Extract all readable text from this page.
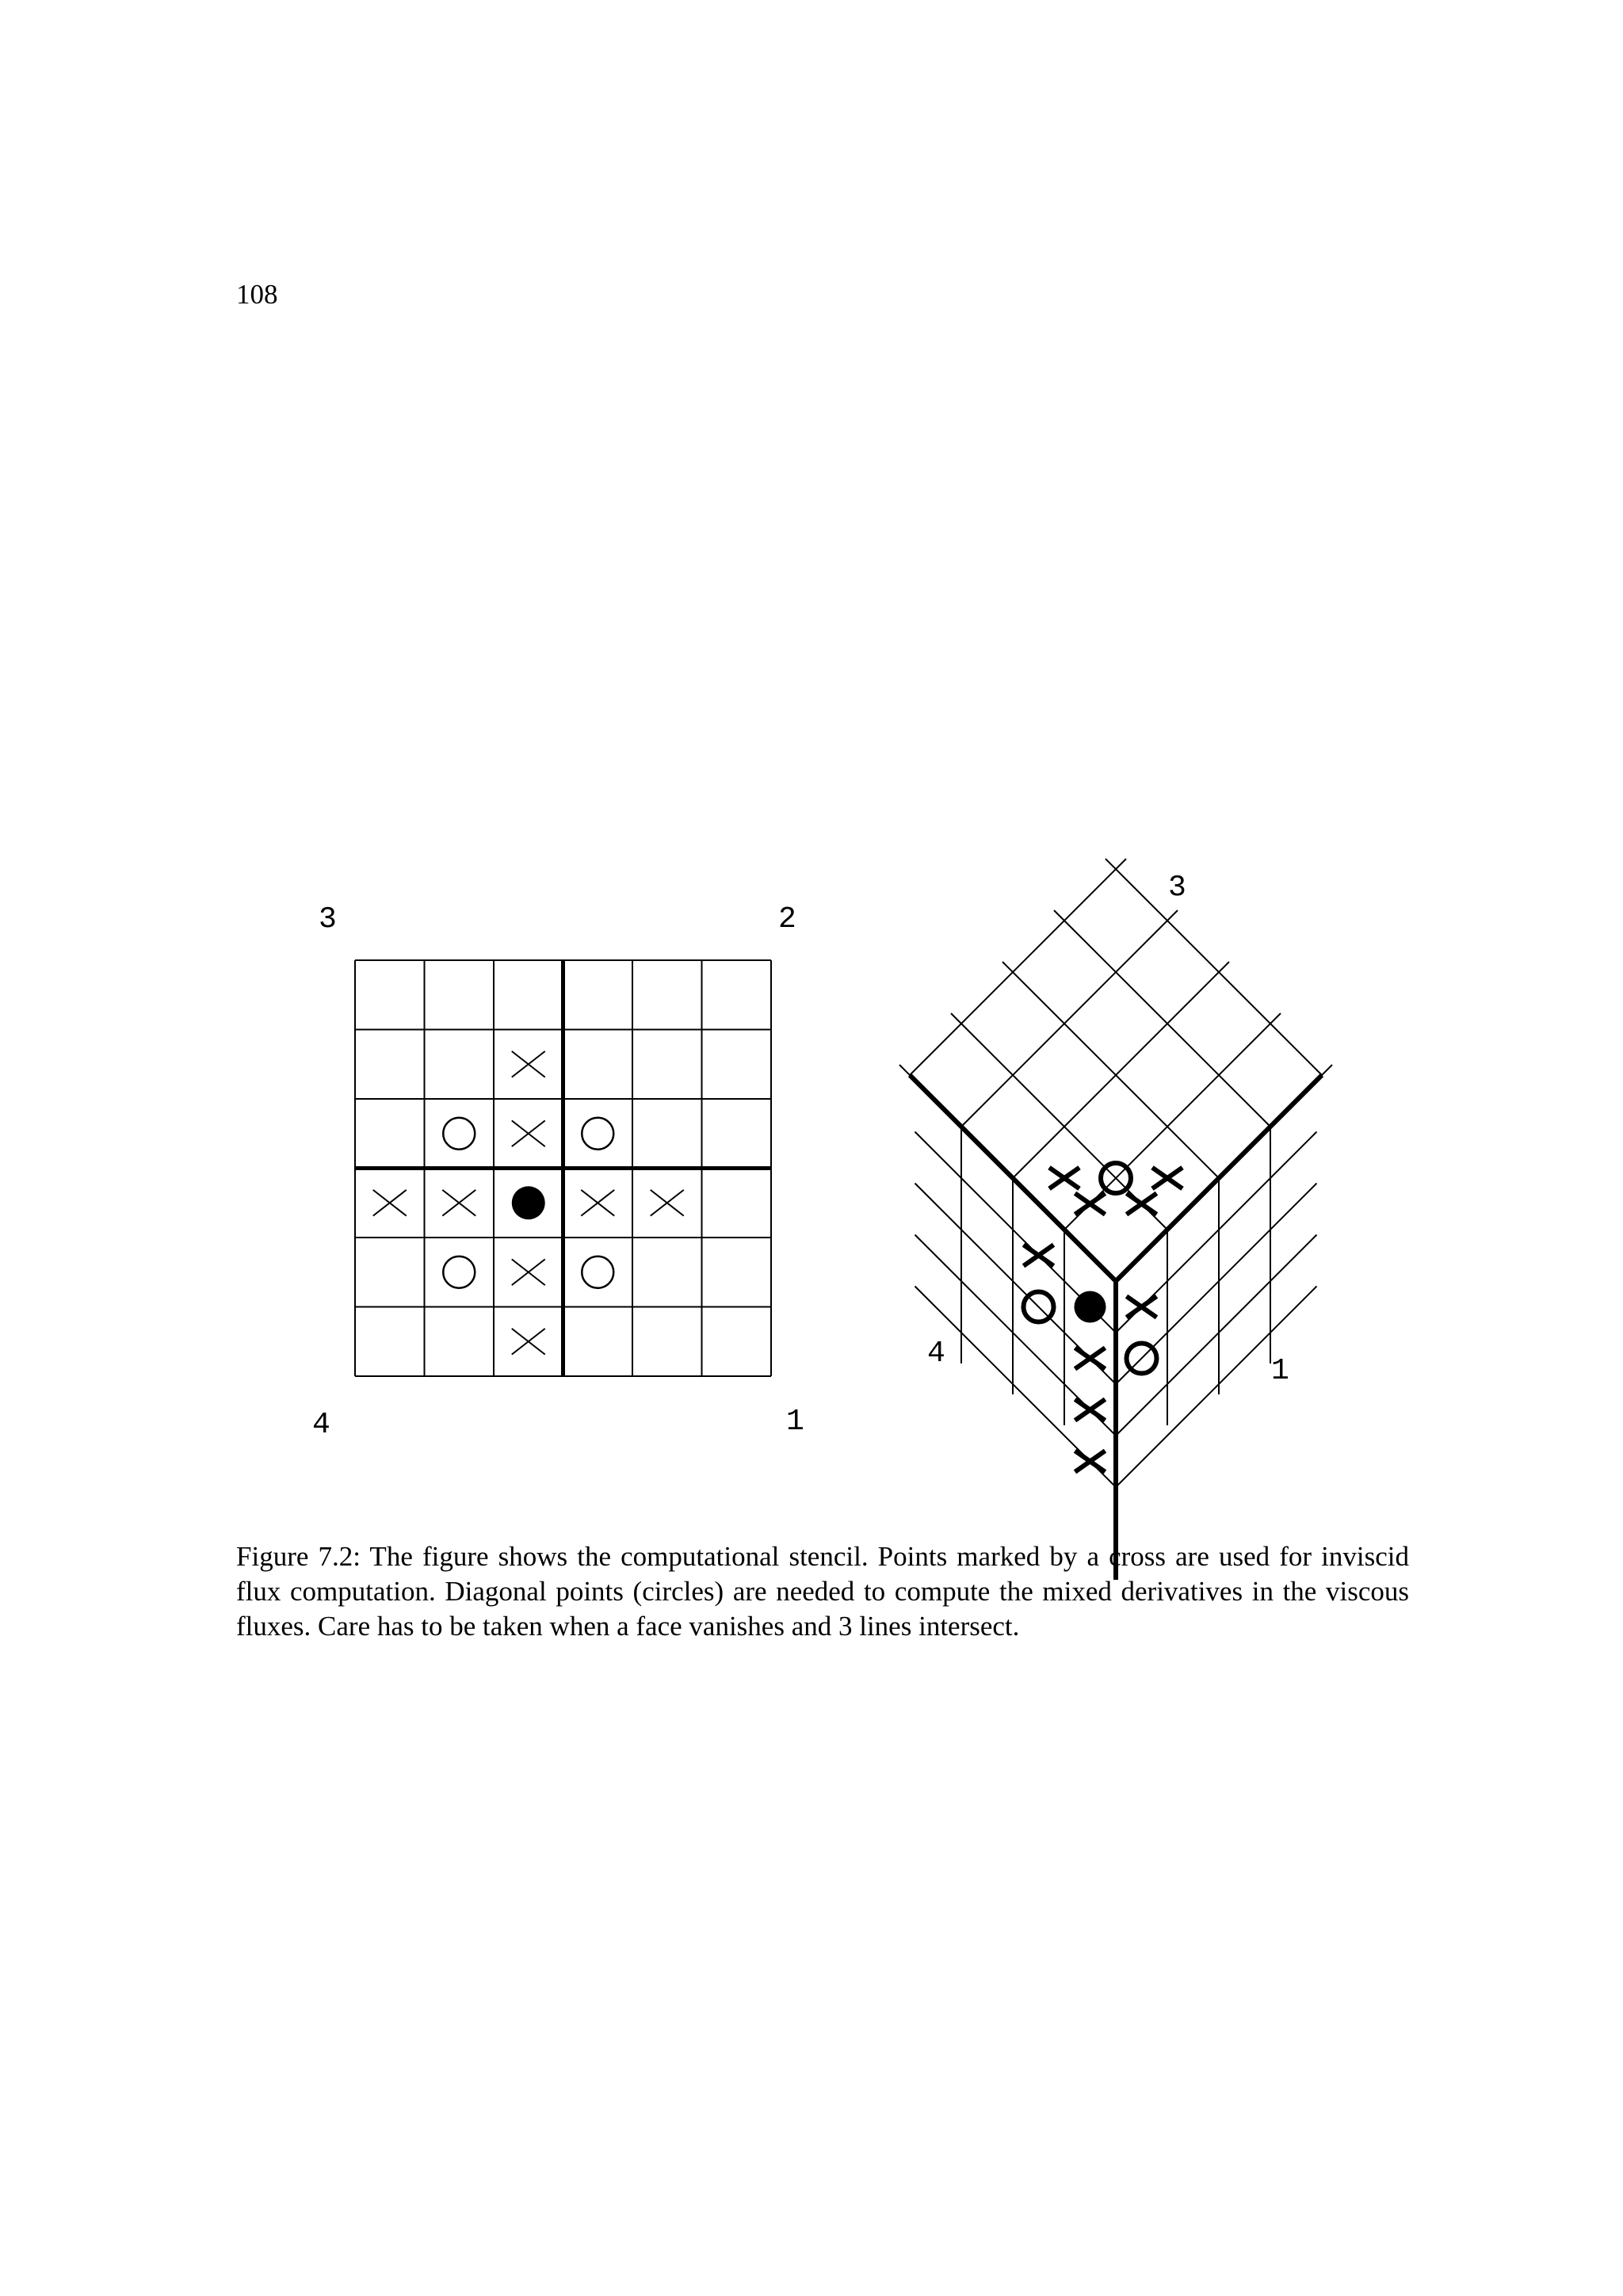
108
3	2
4	1
3
4
1

Figure 7.2: The figure shows the computational stencil. Points marked by a cross are used for inviscid flux computation. Diagonal points (circles) are needed to compute the mixed derivatives in the viscous fluxes. Care has to be taken when a face vanishes and 3 lines intersect.
